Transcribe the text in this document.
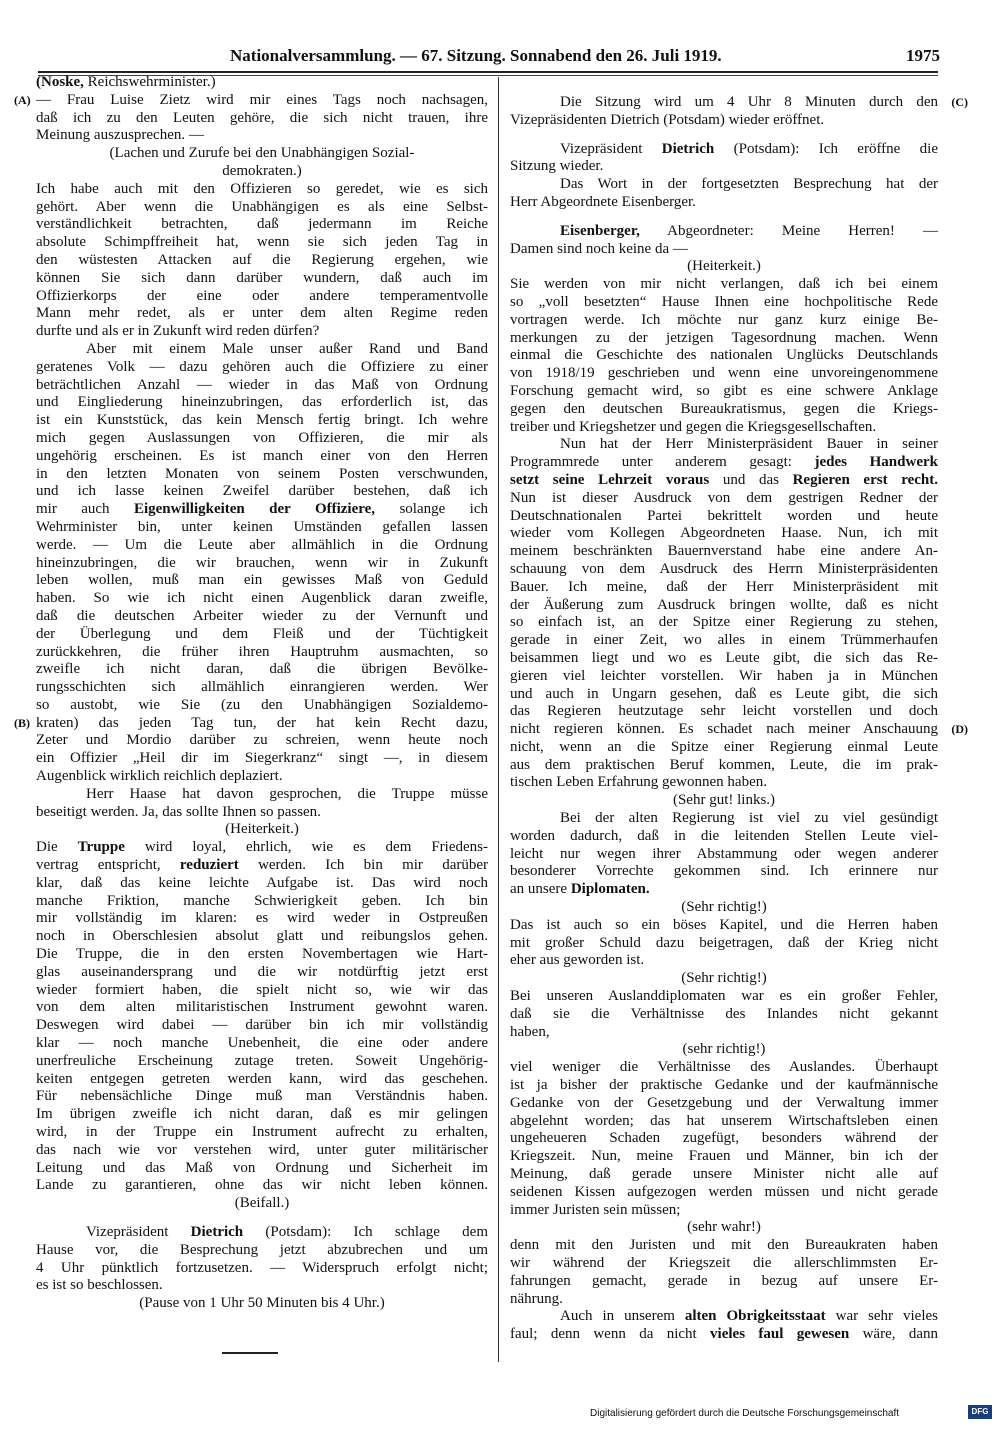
Nationalversammlung. — 67. Sitzung. Sonnabend den 26. Juli 1919.	1975
(Noske, Reichswehrminister.)
— Frau Luise Zietz wird mir eines Tags noch nachsagen,
(A)
daß ich zu den Leuten gehöre, die sich nicht trauen, ihre
Meinung auszusprechen. —
(Lachen und Zurufe bei den Unabhängigen Sozial-
demokraten.)
Ich habe auch mit den Offizieren so geredet, wie es sich
gehört. Aber wenn die Unabhängigen es als eine Selbst-
verständlichkeit betrachten, daß jedermann im Reiche
absolute Schimpffreiheit hat, wenn sie sich jeden Tag in
den wüstesten Attacken auf die Regierung ergehen, wie
können Sie sich dann darüber wundern, daß auch im
Offizierkorps der eine oder andere temperamentvolle
Mann mehr redet, als er unter dem alten Regime reden
durfte und als er in Zukunft wird reden dürfen?
Aber mit einem Male unser außer Rand und Band
geratenes Volk — dazu gehören auch die Offiziere zu einer
beträchtlichen Anzahl — wieder in das Maß von Ordnung
und Eingliederung hineinzubringen, das erforderlich ist, das
ist ein Kunststück, das kein Mensch fertig bringt. Ich wehre
mich gegen Auslassungen von Offizieren, die mir als
ungehörig erscheinen. Es ist manch einer von den Herren
in den letzten Monaten von seinem Posten verschwunden,
und ich lasse keinen Zweifel darüber bestehen, daß ich
mir auch Eigenwilligkeiten der Offiziere, solange ich
Wehrminister bin, unter keinen Umständen gefallen lassen
werde. — Um die Leute aber allmählich in die Ordnung
hineinzubringen, die wir brauchen, wenn wir in Zukunft
leben wollen, muß man ein gewisses Maß von Geduld
haben. So wie ich nicht einen Augenblick daran zweifle,
daß die deutschen Arbeiter wieder zu der Vernunft und
der Überlegung und dem Fleiß und der Tüchtigkeit
zurückkehren, die früher ihren Hauptruhm ausmachten, so
zweifle ich nicht daran, daß die übrigen Bevölke-
rungsschichten sich allmählich einrangieren werden. Wer
so austobt, wie Sie (zu den Unabhängigen Sozialdemo-
kraten) das jeden Tag tun, der hat kein Recht dazu,
(B)
Zeter und Mordio darüber zu schreien, wenn heute noch
ein Offizier „Heil dir im Siegerkranz“ singt —, in diesem
Augenblick wirklich reichlich deplaziert.
Herr Haase hat davon gesprochen, die Truppe müsse
beseitigt werden. Ja, das sollte Ihnen so passen.
(Heiterkeit.)
Die Truppe wird loyal, ehrlich, wie es dem Friedens-
vertrag entspricht, reduziert werden. Ich bin mir darüber
klar, daß das keine leichte Aufgabe ist. Das wird noch
manche Friktion, manche Schwierigkeit geben. Ich bin
mir vollständig im klaren: es wird weder in Ostpreußen
noch in Oberschlesien absolut glatt und reibungslos gehen.
Die Truppe, die in den ersten Novembertagen wie Hart-
glas auseinandersprang und die wir notdürftig jetzt erst
wieder formiert haben, die spielt nicht so, wie wir das
von dem alten militaristischen Instrument gewohnt waren.
Deswegen wird dabei — darüber bin ich mir vollständig
klar — noch manche Unebenheit, die eine oder andere
unerfreuliche Erscheinung zutage treten. Soweit Ungehörig-
keiten entgegen getreten werden kann, wird das geschehen.
Für nebensächliche Dinge muß man Verständnis haben.
Im übrigen zweifle ich nicht daran, daß es mir gelingen
wird, in der Truppe ein Instrument aufrecht zu erhalten,
das nach wie vor verstehen wird, unter guter militärischer
Leitung und das Maß von Ordnung und Sicherheit im
Lande zu garantieren, ohne das wir nicht leben können.
(Beifall.)
Vizepräsident Dietrich (Potsdam): Ich schlage dem
Hause vor, die Besprechung jetzt abzubrechen und um
4 Uhr pünktlich fortzusetzen. — Widerspruch erfolgt nicht;
es ist so beschlossen.
(Pause von 1 Uhr 50 Minuten bis 4 Uhr.)
Die Sitzung wird um 4 Uhr 8 Minuten durch den (C)
Vizepräsidenten Dietrich (Potsdam) wieder eröffnet.
Vizepräsident Dietrich (Potsdam): Ich eröffne die
Sitzung wieder.
Das Wort in der fortgesetzten Besprechung hat der
Herr Abgeordnete Eisenberger.
Eisenberger, Abgeordneter: Meine Herren! —
Damen sind noch keine da —
(Heiterkeit.)
Sie werden von mir nicht verlangen, daß ich bei einem
so „voll besetzten“ Hause Ihnen eine hochpolitische Rede
vortragen werde. Ich möchte nur ganz kurz einige Be-
merkungen zu der jetzigen Tagesordnung machen. Wenn
einmal die Geschichte des nationalen Unglücks Deutschlands
von 1918/19 geschrieben und wenn eine unvoreingenommene
Forschung gemacht wird, so gibt es eine schwere Anklage
gegen den deutschen Bureaukratismus, gegen die Kriegs-
treiber und Kriegshetzer und gegen die Kriegsgesellschaften.
Nun hat der Herr Ministerpräsident Bauer in seiner
Programmrede unter anderem gesagt: jedes Handwerk
setzt seine Lehrzeit voraus und das Regieren erst recht.
Nun ist dieser Ausdruck von dem gestrigen Redner der
Deutschnationalen Partei bekrittelt worden und heute
wieder vom Kollegen Abgeordneten Haase. Nun, ich mit
meinem beschränkten Bauernverstand habe eine andere An-
schauung von dem Ausdruck des Herrn Ministerpräsidenten
Bauer. Ich meine, daß der Herr Ministerpräsident mit
der Äußerung zum Ausdruck bringen wollte, daß es nicht
so einfach ist, an der Spitze einer Regierung zu stehen,
gerade in einer Zeit, wo alles in einem Trümmerhaufen
beisammen liegt und wo es Leute gibt, die sich das Re-
gieren viel leichter vorstellen. Wir haben ja in München
und auch in Ungarn gesehen, daß es Leute gibt, die sich
das Regieren heutzutage sehr leicht vorstellen und doch
nicht regieren können. Es schadet nach meiner Anschauung (D)
nicht, wenn an die Spitze einer Regierung einmal Leute
aus dem praktischen Beruf kommen, Leute, die im prak-
tischen Leben Erfahrung gewonnen haben.
(Sehr gut! links.)
Bei der alten Regierung ist viel zu viel gesündigt
worden dadurch, daß in die leitenden Stellen Leute viel-
leicht nur wegen ihrer Abstammung oder wegen anderer
besonderer Vorrechte gekommen sind. Ich erinnere nur
an unsere Diplomaten.
(Sehr richtig!)
Das ist auch so ein böses Kapitel, und die Herren haben
mit großer Schuld dazu beigetragen, daß der Krieg nicht
eher aus geworden ist.
(Sehr richtig!)
Bei unseren Auslanddiplomaten war es ein großer Fehler,
daß sie die Verhältnisse des Inlandes nicht gekannt
haben,
(sehr richtig!)
viel weniger die Verhältnisse des Auslandes. Überhaupt
ist ja bisher der praktische Gedanke und der kaufmännische
Gedanke von der Gesetzgebung und der Verwaltung immer
abgelehnt worden; das hat unserem Wirtschaftsleben einen
ungeheueren Schaden zugefügt, besonders während der
Kriegszeit. Nun, meine Frauen und Männer, bin ich der
Meinung, daß gerade unsere Minister nicht alle auf
seidenen Kissen aufgezogen werden müssen und nicht gerade
immer Juristen sein müssen;
(sehr wahr!)
denn mit den Juristen und mit den Bureaukraten haben
wir während der Kriegszeit die allerschlimmsten Er-
fahrungen gemacht, gerade in bezug auf unsere Er-
nährung.
Auch in unserem alten Obrigkeitsstaat war sehr vieles
faul; denn wenn da nicht vieles faul gewesen wäre, dann
Digitalisierung gefördert durch die Deutsche Forschungsgemeinschaft	DFG
